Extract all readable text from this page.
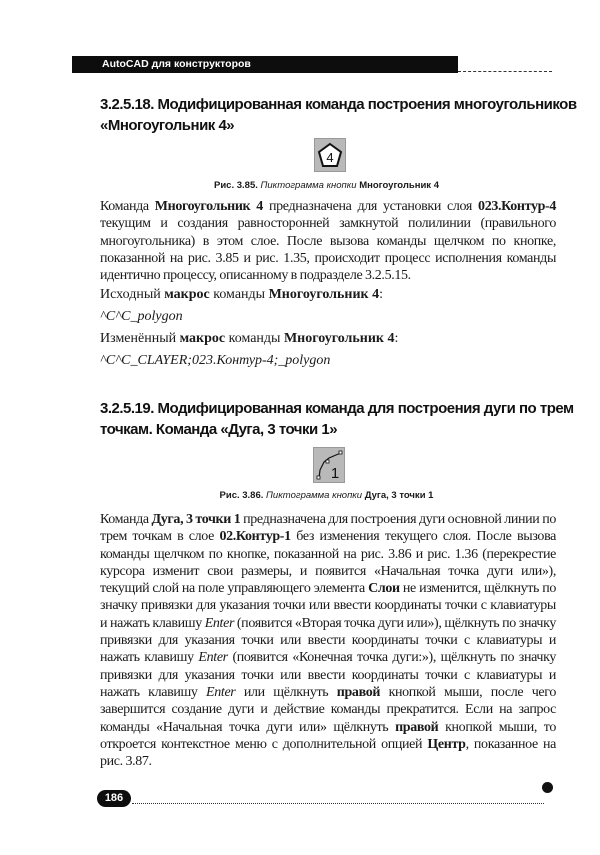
AutoCAD для конструкторов
3.2.5.18. Модифицированная команда построения многоугольников
«Многоугольник 4»
4
Рис. 3.85. Пиктограмма кнопки Многоугольник 4
Команда Многоугольник 4 предназначена для установки слоя 023.Контур-4 текущим и создания равносторонней замкнутой полилинии (правильного многоугольника) в этом слое. После вызова команды щелчком по кнопке, показанной на рис. 3.85 и рис. 1.35, происходит процесс исполнения команды идентично процессу, описанному в подразделе 3.2.5.15.
Исходный макрос команды Многоугольник 4:
^C^C_polygon
Изменённый макрос команды Многоугольник 4:
^C^C_CLAYER;023.Контур-4;_polygon
3.2.5.19. Модифицированная команда для построения дуги по трем
точкам. Команда «Дуга, 3 точки 1»
1
Рис. 3.86. Пиктограмма кнопки Дуга, 3 точки 1
Команда Дуга, 3 точки 1 предназначена для построения дуги основной линии по трем точкам в слое 02.Контур-1 без изменения текущего слоя. После вызова команды щелчком по кнопке, показанной на рис. 3.86 и рис. 1.36 (перекрестие курсора изменит свои размеры, и появится «Начальная точка дуги или»), текущий слой на поле управляющего элемента Слои не изменится, щёлкнуть по значку привязки для указания точки или ввести координаты точки с клавиатуры и нажать клавишу Enter (появится «Вторая точка дуги или»), щёлкнуть по значку привязки для указания точки или ввести координаты точки с клавиатуры и нажать клавишу Enter (появится «Конечная точка дуги:»), щёлкнуть по значку привязки для указания точки или ввести координаты точки с клавиатуры и нажать клавишу Enter или щёлкнуть правой кнопкой мыши, после чего завершится создание дуги и действие команды прекратится. Если на запрос команды «Начальная точка дуги или» щёлкнуть правой кнопкой мыши, то откроется контекстное меню с дополнительной опцией Центр, показанное на рис. 3.87.
186
